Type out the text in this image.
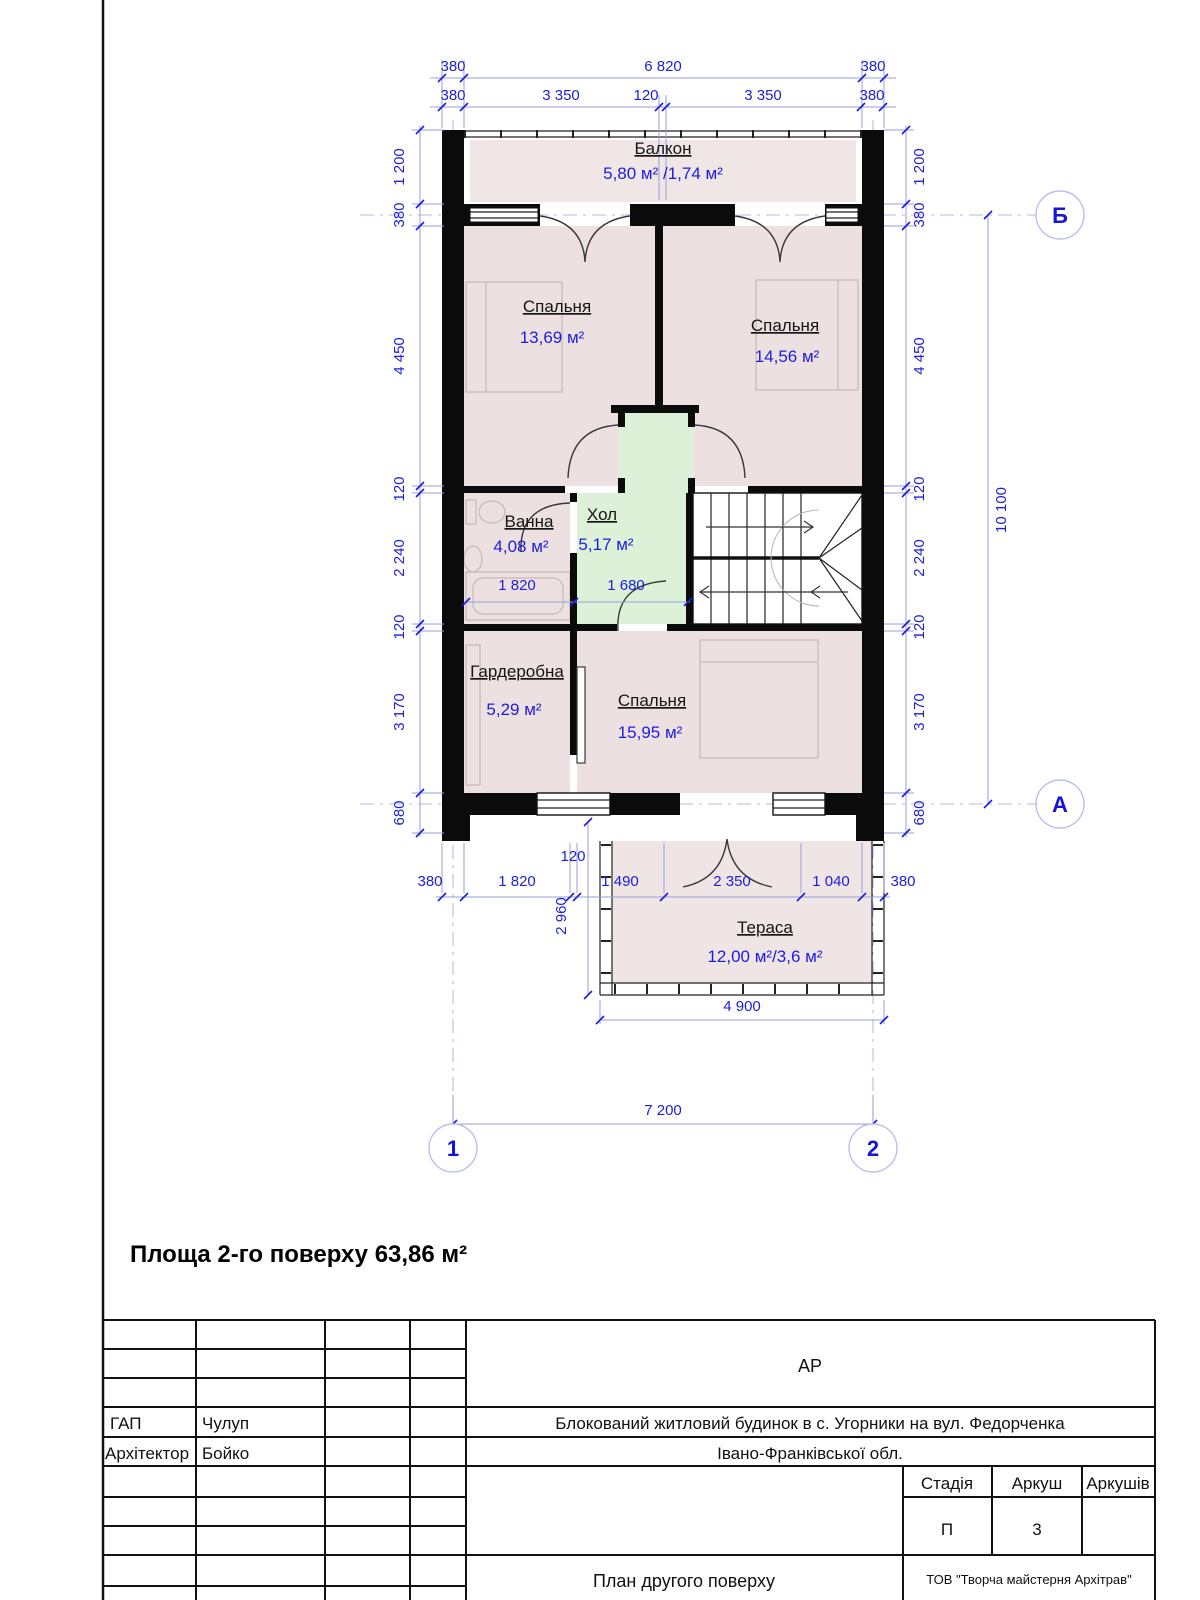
380	6 820	380
380	3 350	120	3 350	380
1 200
380
4 450
120
2 240
120
3 170
680
1 200
380
4 450
120
2 240
120
3 170
680
10 100
1 820	1 680
120
380	1 820	1 490	2 350	1 040	380
2 960
4 900
7 200
Б
А
1	2
Балкон
5,80 м² /1,74 м²
Спальня
13,69 м²
Спальня
14,56 м²
Ванна
4,08 м²
Хол
5,17 м²
Гардеробна
5,29 м²	Спальня
15,95 м²
Тераса
12,00 м²/3,6 м²
Площа 2-го поверху 63,86 м²
ГАП	Чулуп
Архітектор Бойко
АР
Блокований житловий будинок в с. Угорники на вул. Федорченка
Івано-Франківської обл.
Стадія Аркуш Аркушів
П	3
План другого поверху	ТОВ "Творча майстерня Архітрав"
